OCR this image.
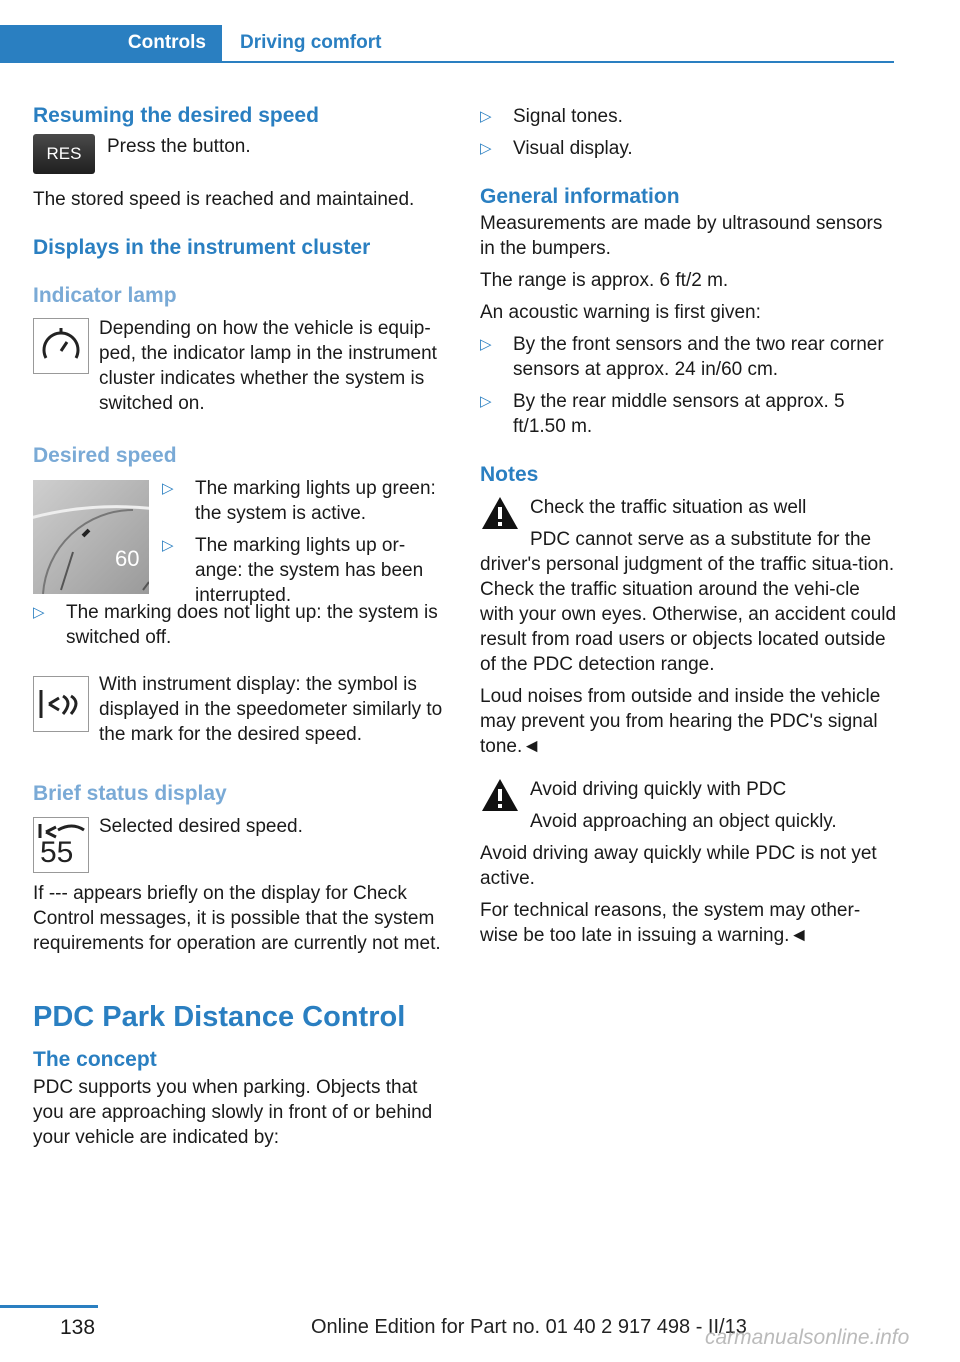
Controls	Driving comfort
Resuming the desired speed
RES	Press the button.

The stored speed is reached and maintained.

Displays in the instrument cluster
Indicator lamp

Depending on how the vehicle is equip-ped, the indicator lamp in the instrument cluster indicates whether the system is switched on.

Desired speed
60
▷ The marking lights up green: the system is active.
▷ The marking lights up or-ange: the system has been interrupted.
▷ The marking does not light up: the system is switched off.

With instrument display: the symbol is displayed in the speedometer similarly to the mark for the desired speed.

Brief status display
55

Selected desired speed.

If --- appears briefly on the display for Check Control messages, it is possible that the system requirements for operation are currently not met.

PDC Park Distance Control
The concept

PDC supports you when parking. Objects that you are approaching slowly in front of or behind your vehicle are indicated by:

▷ Signal tones.
▷ Visual display.
General information

Measurements are made by ultrasound sensors in the bumpers.

The range is approx. 6 ft/2 m.

An acoustic warning is first given:

▷ By the front sensors and the two rear corner sensors at approx. 24 in/60 cm.
▷ By the rear middle sensors at approx. 5 ft/1.50 m.
Notes

Check the traffic situation as well

PDC cannot serve as a substitute for the

driver's personal judgment of the traffic situa-tion. Check the traffic situation around the vehi-cle with your own eyes. Otherwise, an accident could result from road users or objects located outside of the PDC detection range.

Loud noises from outside and inside the vehicle may prevent you from hearing the PDC's signal tone.◄

Avoid driving quickly with PDC

Avoid approaching an object quickly.

Avoid driving away quickly while PDC is not yet active.

For technical reasons, the system may other-wise be too late in issuing a warning.◄

138	Online Edition for Part no. 01 40 2 917 498 - II/13
carmanualsonline.info
